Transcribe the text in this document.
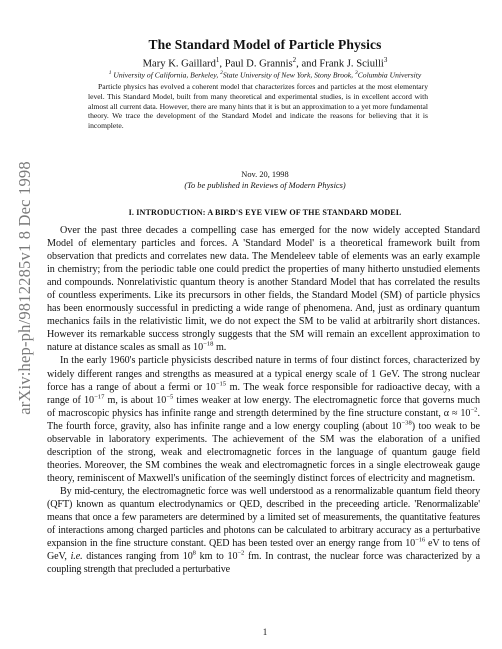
arXiv:hep-ph/9812285v1 8 Dec 1998
The Standard Model of Particle Physics
Mary K. Gaillard$^1$, Paul D. Grannis$^2$, and Frank J. Sciulli$^3$
$^1$ University of California, Berkeley, $^2$State University of New York, Stony Brook, $^3$Columbia University
Particle physics has evolved a coherent model that characterizes forces and particles at the most elementary level. This Standard Model, built from many theoretical and experimental studies, is in excellent accord with almost all current data. However, there are many hints that it is but an approximation to a yet more fundamental theory. We trace the development of the Standard Model and indicate the reasons for believing that it is incomplete.
Nov. 20, 1998
(To be published in Reviews of Modern Physics)
I. INTRODUCTION: A BIRD'S EYE VIEW OF THE STANDARD MODEL

Over the past three decades a compelling case has emerged for the now widely accepted Standard Model of elementary particles and forces. A 'Standard Model' is a theoretical framework built from observation that predicts and correlates new data. The Mendeleev table of elements was an early example in chemistry; from the periodic table one could predict the properties of many hitherto unstudied elements and compounds. Nonrelativistic quantum theory is another Standard Model that has correlated the results of countless experiments. Like its precursors in other fields, the Standard Model (SM) of particle physics has been enormously successful in predicting a wide range of phenomena. And, just as ordinary quantum mechanics fails in the relativistic limit, we do not expect the SM to be valid at arbitrarily short distances. However its remarkable success strongly suggests that the SM will remain an excellent approximation to nature at distance scales as small as $10^{-18}$ m.

In the early 1960's particle physicists described nature in terms of four distinct forces, characterized by widely different ranges and strengths as measured at a typical energy scale of 1 GeV. The strong nuclear force has a range of about a fermi or $10^{-15}$ m. The weak force responsible for radioactive decay, with a range of $10^{-17}$ m, is about $10^{-5}$ times weaker at low energy. The electromagnetic force that governs much of macroscopic physics has infinite range and strength determined by the fine structure constant, $\alpha \approx 10^{-2}$. The fourth force, gravity, also has infinite range and a low energy coupling (about $10^{-38}$) too weak to be observable in laboratory experiments. The achievement of the SM was the elaboration of a unified description of the strong, weak and electromagnetic forces in the language of quantum gauge field theories. Moreover, the SM combines the weak and electromagnetic forces in a single electroweak gauge theory, reminiscent of Maxwell's unification of the seemingly distinct forces of electricity and magnetism.

By mid-century, the electromagnetic force was well understood as a renormalizable quantum field theory (QFT) known as quantum electrodynamics or QED, described in the preceeding article. 'Renormalizable' means that once a few parameters are determined by a limited set of measurements, the quantitative features of interactions among charged particles and photons can be calculated to arbitrary accuracy as a perturbative expansion in the fine structure constant. QED has been tested over an energy range from $10^{-16}$ eV to tens of GeV, i.e. distances ranging from $10^8$ km to $10^{-2}$ fm. In contrast, the nuclear force was characterized by a coupling strength that precluded a perturbative

1
